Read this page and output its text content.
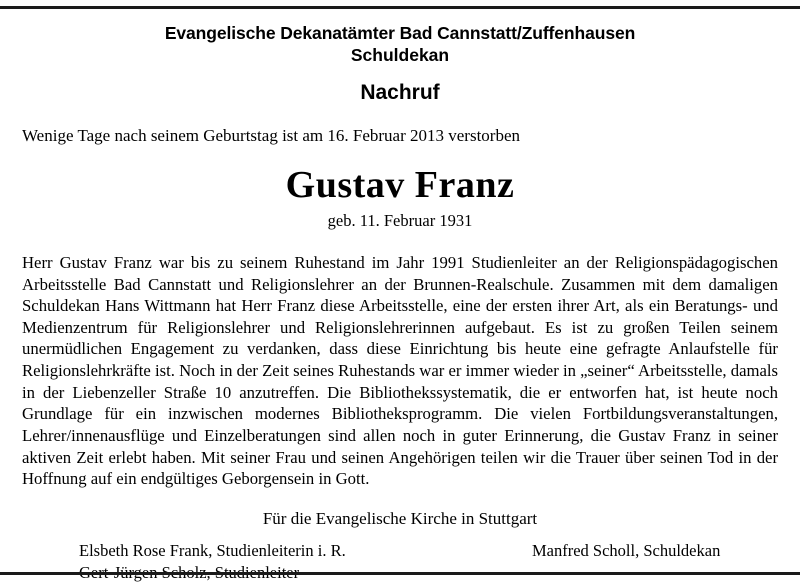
Evangelische Dekanatämter Bad Cannstatt/Zuffenhausen
Schuldekan
Nachruf
Wenige Tage nach seinem Geburtstag ist am 16. Februar 2013 verstorben
Gustav Franz
geb. 11. Februar 1931
Herr Gustav Franz war bis zu seinem Ruhestand im Jahr 1991 Studienleiter an der Religionspädagogischen Arbeitsstelle Bad Cannstatt und Religionslehrer an der Brunnen-Realschule. Zusammen mit dem damaligen Schuldekan Hans Wittmann hat Herr Franz diese Arbeitsstelle, eine der ersten ihrer Art, als ein Beratungs- und Medienzentrum für Religionslehrer und Religionslehrerinnen aufgebaut. Es ist zu großen Teilen seinem unermüdlichen Engagement zu verdanken, dass diese Einrichtung bis heute eine gefragte Anlaufstelle für Religionslehrkräfte ist. Noch in der Zeit seines Ruhestands war er immer wieder in „seiner“ Arbeitsstelle, damals in der Liebenzeller Straße 10 anzutreffen. Die Bibliothekssystematik, die er entworfen hat, ist heute noch Grundlage für ein inzwischen modernes Bibliotheksprogramm. Die vielen Fortbildungsveranstaltungen, Lehrer/innenausflüge und Einzelberatungen sind allen noch in guter Erinnerung, die Gustav Franz in seiner aktiven Zeit erlebt haben. Mit seiner Frau und seinen Angehörigen teilen wir die Trauer über seinen Tod in der Hoffnung auf ein endgültiges Geborgensein in Gott.
Für die Evangelische Kirche in Stuttgart
Elsbeth Rose Frank, Studienleiterin i. R.	Manfred Scholl, Schuldekan
